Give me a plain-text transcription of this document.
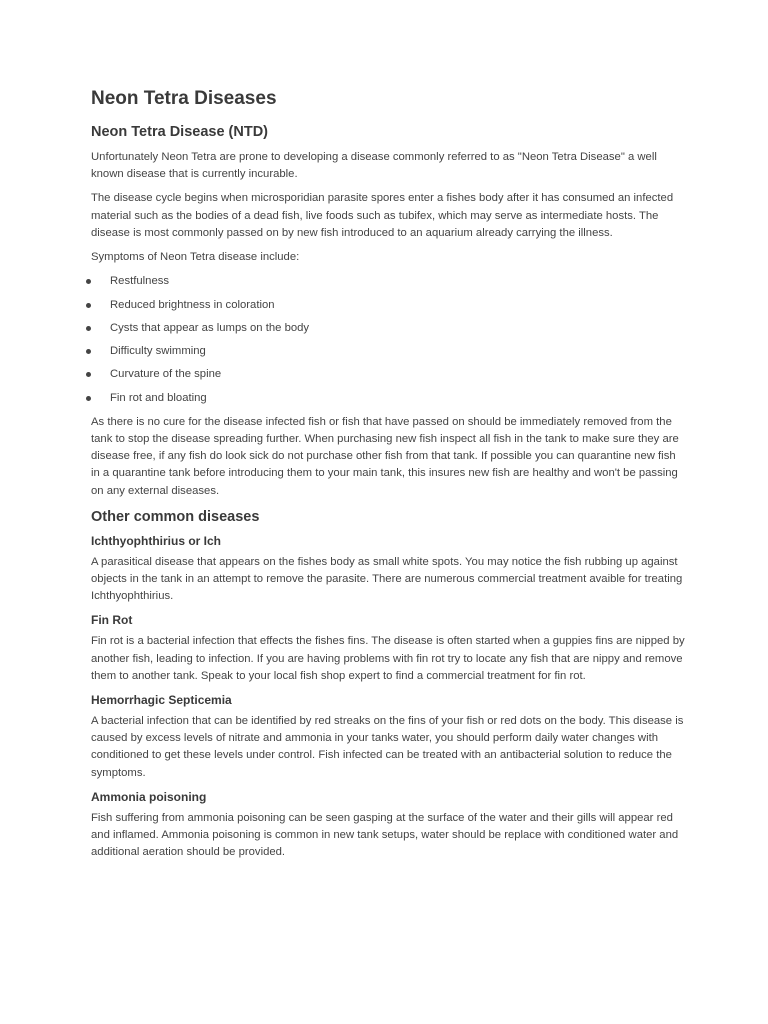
Neon Tetra Diseases
Neon Tetra Disease (NTD)

Unfortunately Neon Tetra are prone to developing a disease commonly referred to as "Neon Tetra Disease" a well known disease that is currently incurable.

The disease cycle begins when microsporidian parasite spores enter a fishes body after it has consumed an infected material such as the bodies of a dead fish, live foods such as tubifex, which may serve as intermediate hosts. The disease is most commonly passed on by new fish introduced to an aquarium already carrying the illness.

Symptoms of Neon Tetra disease include:

Restfulness
Reduced brightness in coloration
Cysts that appear as lumps on the body
Difficulty swimming
Curvature of the spine
Fin rot and bloating

As there is no cure for the disease infected fish or fish that have passed on should be immediately removed from the tank to stop the disease spreading further. When purchasing new fish inspect all fish in the tank to make sure they are disease free, if any fish do look sick do not purchase other fish from that tank. If possible you can quarantine new fish in a quarantine tank before introducing them to your main tank, this insures new fish are healthy and won't be passing on any external diseases.

Other common diseases
Ichthyophthirius or Ich

A parasitical disease that appears on the fishes body as small white spots. You may notice the fish rubbing up against objects in the tank in an attempt to remove the parasite. There are numerous commercial treatment avaible for treating Ichthyophthirius.

Fin Rot

Fin rot is a bacterial infection that effects the fishes fins. The disease is often started when a guppies fins are nipped by another fish, leading to infection. If you are having problems with fin rot try to locate any fish that are nippy and remove them to another tank. Speak to your local fish shop expert to find a commercial treatment for fin rot.

Hemorrhagic Septicemia

A bacterial infection that can be identified by red streaks on the fins of your fish or red dots on the body. This disease is caused by excess levels of nitrate and ammonia in your tanks water, you should perform daily water changes with conditioned to get these levels under control. Fish infected can be treated with an antibacterial solution to reduce the symptoms.

Ammonia poisoning

Fish suffering from ammonia poisoning can be seen gasping at the surface of the water and their gills will appear red and inflamed. Ammonia poisoning is common in new tank setups, water should be replace with conditioned water and additional aeration should be provided.
